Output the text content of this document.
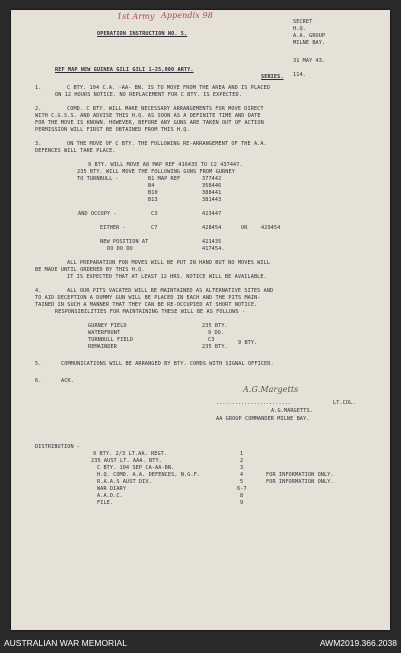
1st Army Appendix 98
OPERATION INSTRUCTION NO. 5.
SECRET
H.Q.
A.A. GROUP
MILNE BAY.
31 MAY 43.
114.
REF MAP NEW GUINEA GILI GILI 1-25,000 ARTY.
SERIES.
1.	C BTY. 104 C.A. -AA- BN. IS TO MOVE FROM THE AREA AND IS PLACED
ON 12 HOURS NOTICE. NO REPLACEMENT FOR C BTY. IS EXPECTED.
2.	COMD. C BTY. WILL MAKE NECESSARY ARRANGEMENTS FOR MOVE DIRECT
WITH C.G.S.S. AND ADVISE THIS H.Q. AS SOON AS A DEFINITE TIME AND DATE
FOR THE MOVE IS KNOWN. HOWEVER, BEFORE ANY GUNS ARE TAKEN OUT OF ACTION
PERMISSION WILL FIRST BE OBTAINED FROM THIS H.Q.
3.	ON THE MOVE OF C BTY. THE FOLLOWING RE-ARRANGEMENT OF THE A.A.
DEFENCES WILL TAKE PLACE.
9 BTY. WILL MOVE A8 MAP REF 416435 TO C2 437447.
235 BTY. WILL MOVE THE FOLLOWING GUNS FROM GURNEY
TO TURNBULL -	B1 MAP REF	377442
B4	358446
B10	388441
B13	381443
AND OCCUPY -	C3	423447
EITHER -	C7	428454	OR	429454
NEW POSITION AT	421435
DO DO DO	417454.
ALL PREPARATION FOR MOVES WILL BE PUT IN HAND BUT NO MOVES WILL
BE MADE UNTIL ORDERED BY THIS H.Q.
IT IS EXPECTED THAT AT LEAST 12 HRS. NOTICE WILL BE AVAILABLE.
4.	ALL OUR PITS VACATED WILL BE MAINTAINED AS ALTERNATIVE SITES AND
TO AID DECEPTION A DUMMY GUN WILL BE PLACED IN EACH AND THE PITS MAIN-
TAINED IN SUCH A MANNER THAT THEY CAN BE RE-OCCUPIED AT SHORT NOTICE.
RESPONSIBILITIES FOR MAINTAINING THESE WILL BE AS FOLLOWS -
GURNEY FIELD	235 BTY.
WATERFRONT	9 DO.
TURNBULL FIELD	C3	9 BTY.
REMAINDER	235 BTY.
5.	COMMUNICATIONS WILL BE ARRANGED BY BTY. COMDS WITH SIGNAL OFFICER.
6.	ACK.
A.G.Margetts
........................	LT.COL.
A.G.MARGETTS.
AA GROUP COMMANDER MILNE BAY.
DISTRIBUTION -
9 BTY. 2/3 LT.AA. REGT.	1
235 AUST LT. AAA. BTY.	2
C BTY. 104 SEP CA-AA-BN.	3
H.Q. COMD. A.A. DEFENCES, N.G.F.	4	FOR INFORMATION ONLY.
R.A.A.S AUST DIV.	5	FOR INFORMATION ONLY.
WAR DIARY	6-7
A.A.D.C.	8
FILE.	9
AUSTRALIAN WAR MEMORIAL	AWM2019.366.2038
